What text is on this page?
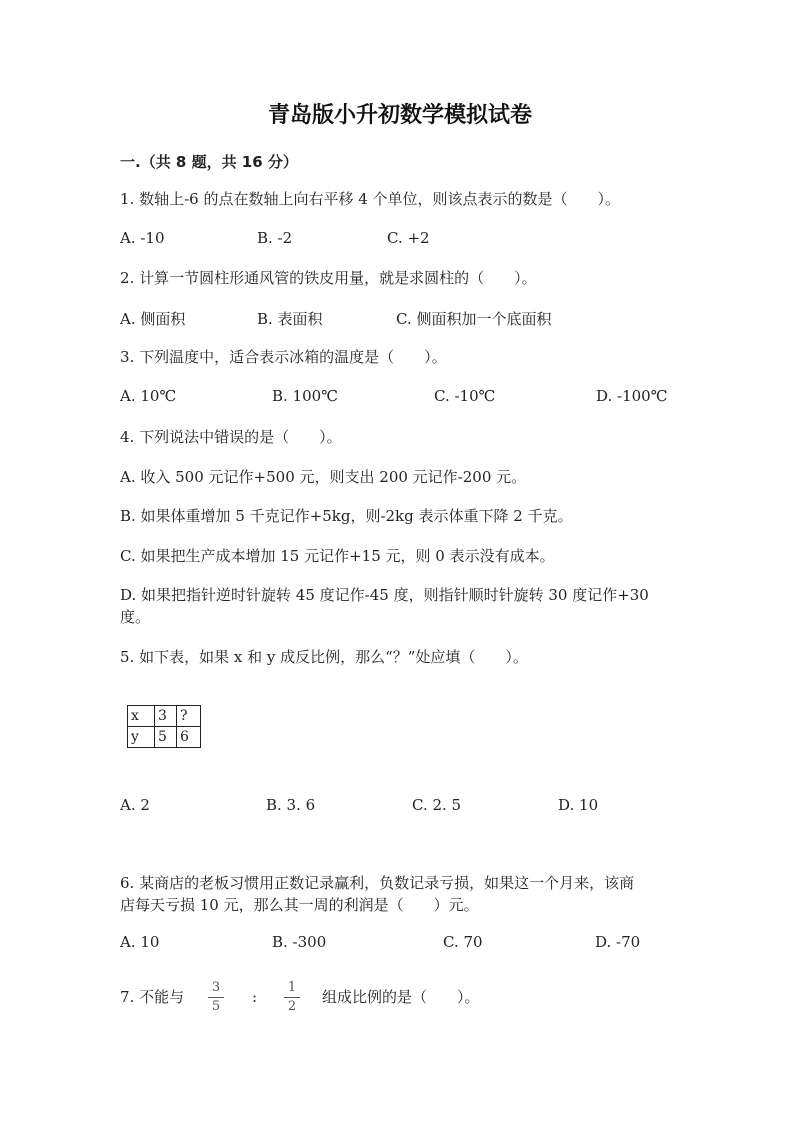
青岛版小升初数学模拟试卷
一.（共 8 题，共 16 分）
1. 数轴上-6 的点在数轴上向右平移 4 个单位，则该点表示的数是（　　）。
A. -10	B. -2	C. +2
2. 计算一节圆柱形通风管的铁皮用量，就是求圆柱的（　　）。
A. 侧面积	B. 表面积	C. 侧面积加一个底面积
3. 下列温度中，适合表示冰箱的温度是（　　）。
A. 10℃	B. 100℃	C. -10℃	D. -100℃
4. 下列说法中错误的是（　　）。
A. 收入 500 元记作+500 元，则支出 200 元记作-200 元。
B. 如果体重增加 5 千克记作+5kg，则-2kg 表示体重下降 2 千克。
C. 如果把生产成本增加 15 元记作+15 元，则 0 表示没有成本。
D. 如果把指针逆时针旋转 45 度记作-45 度，则指针顺时针旋转 30 度记作+30
度。
5. 如下表，如果 x 和 y 成反比例，那么“？”处应填（　　）。
x	3	?
y	5	6
A. 2	B. 3. 6	C. 2. 5	D. 10
6. 某商店的老板习惯用正数记录赢利，负数记录亏损，如果这一个月来，该商
店每天亏损 10 元，那么其一周的利润是（　　）元。
A. 10	B. -300	C. 70	D. -70
7. 不能与
3
5
:
1
2
组成比例的是（　　）。
